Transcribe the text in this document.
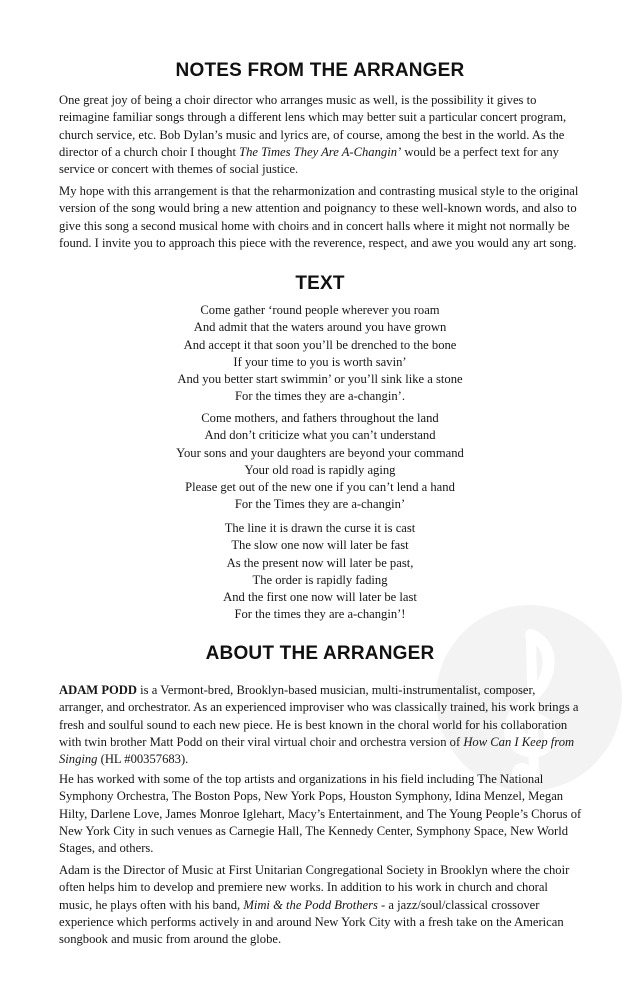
NOTES FROM THE ARRANGER

One great joy of being a choir director who arranges music as well, is the possibility it gives to reimagine familiar songs through a different lens which may better suit a particular concert program, church service, etc. Bob Dylan’s music and lyrics are, of course, among the best in the world. As the director of a church choir I thought The Times They Are A-Changin’ would be a perfect text for any service or concert with themes of social justice.

My hope with this arrangement is that the reharmonization and contrasting musical style to the original version of the song would bring a new attention and poignancy to these well-known words, and also to give this song a second musical home with choirs and in concert halls where it might not normally be found. I invite you to approach this piece with the reverence, respect, and awe you would any art song.

TEXT
Come gather ‘round people wherever you roam
And admit that the waters around you have grown
And accept it that soon you’ll be drenched to the bone
If your time to you is worth savin’
And you better start swimmin’ or you’ll sink like a stone
For the times they are a-changin’.
Come mothers, and fathers throughout the land
And don’t criticize what you can’t understand
Your sons and your daughters are beyond your command
Your old road is rapidly aging
Please get out of the new one if you can’t lend a hand
For the Times they are a-changin’
The line it is drawn the curse it is cast
The slow one now will later be fast
As the present now will later be past,
The order is rapidly fading
And the first one now will later be last
For the times they are a-changin’!
ABOUT THE ARRANGER

ADAM PODD is a Vermont-bred, Brooklyn-based musician, multi-instrumentalist, composer, arranger, and orchestrator. As an experienced improviser who was classically trained, his work brings a fresh and soulful sound to each new piece. He is best known in the choral world for his collaboration with twin brother Matt Podd on their viral virtual choir and orchestra version of How Can I Keep from Singing (HL #00357683).

He has worked with some of the top artists and organizations in his field including The National Symphony Orchestra, The Boston Pops, New York Pops, Houston Symphony, Idina Menzel, Megan Hilty, Darlene Love, James Monroe Iglehart, Macy’s Entertainment, and The Young People’s Chorus of New York City in such venues as Carnegie Hall, The Kennedy Center, Symphony Space, New World Stages, and others.

Adam is the Director of Music at First Unitarian Congregational Society in Brooklyn where the choir often helps him to develop and premiere new works. In addition to his work in church and choral music, he plays often with his band, Mimi & the Podd Brothers - a jazz/soul/classical crossover experience which performs actively in and around New York City with a fresh take on the American songbook and music from around the globe.
